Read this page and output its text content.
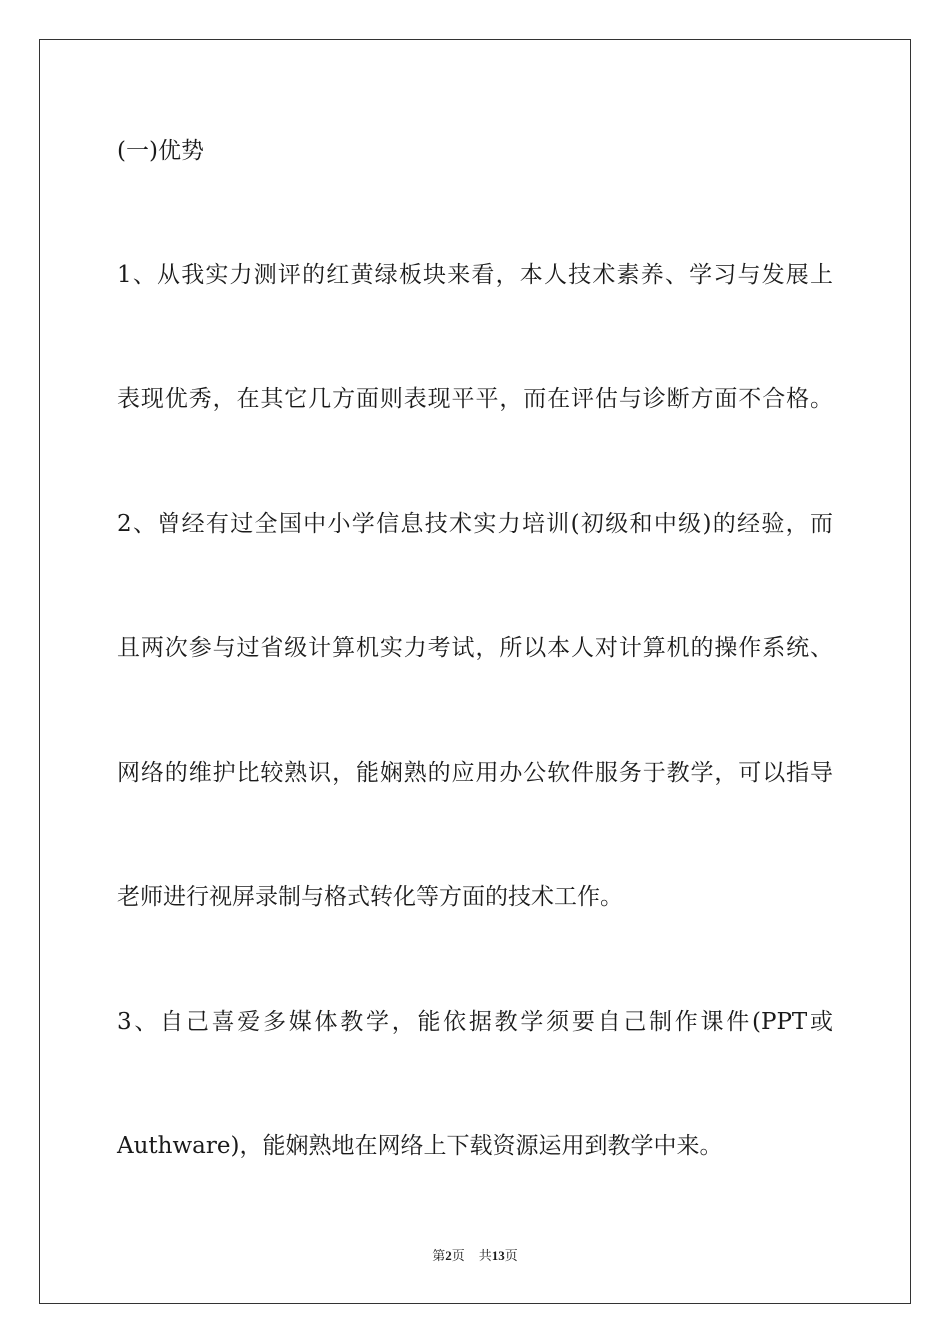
(一)优势
1、从我实力测评的红黄绿板块来看，本人技术素养、学习与发展上
表现优秀，在其它几方面则表现平平，而在评估与诊断方面不合格。
2、曾经有过全国中小学信息技术实力培训(初级和中级)的经验，而
且两次参与过省级计算机实力考试，所以本人对计算机的操作系统、
网络的维护比较熟识，能娴熟的应用办公软件服务于教学，可以指导
老师进行视屏录制与格式转化等方面的技术工作。
3、自己喜爱多媒体教学，能依据教学须要自己制作课件(PPT或
Authware)，能娴熟地在网络上下载资源运用到教学中来。
第2页 共13页
